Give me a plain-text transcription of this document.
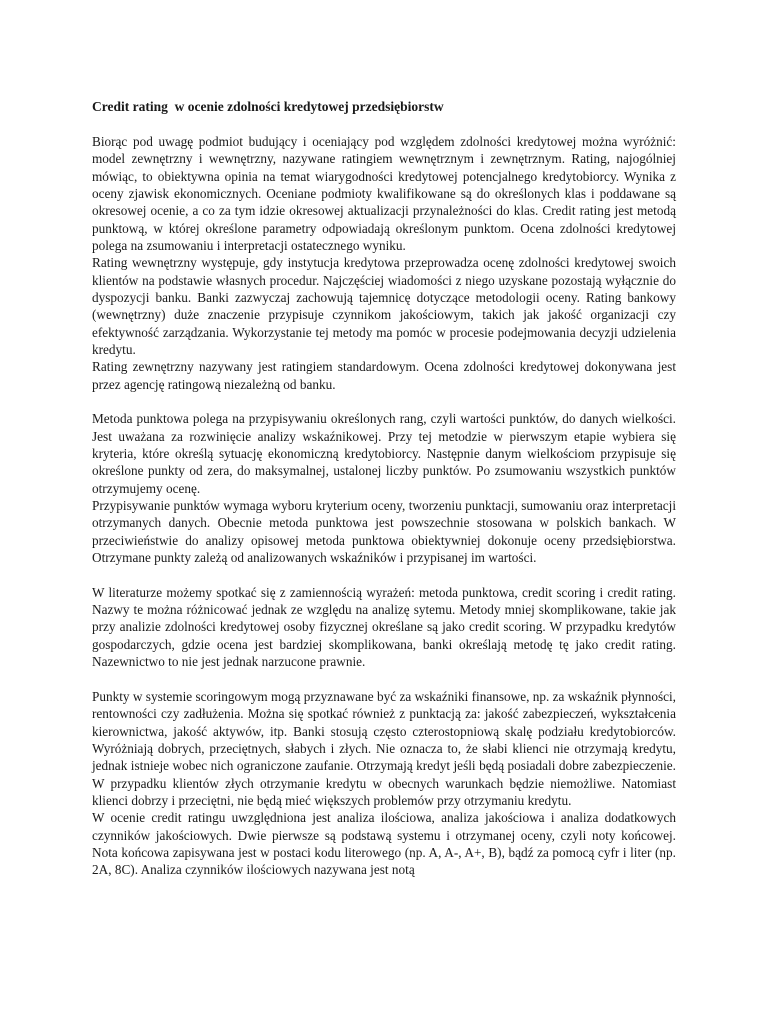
Credit rating  w ocenie zdolności kredytowej przedsiębiorstw

Biorąc pod uwagę podmiot budujący i oceniający pod względem zdolności kredytowej można wyróżnić: model zewnętrzny i wewnętrzny, nazywane ratingiem wewnętrznym i zewnętrznym. Rating, najogólniej mówiąc, to obiektywna opinia na temat wiarygodności kredytowej potencjalnego kredytobiorcy. Wynika z oceny zjawisk ekonomicznych. Oceniane podmioty kwalifikowane są do określonych klas i poddawane są okresowej ocenie, a co za tym idzie okresowej aktualizacji przynależności do klas. Credit rating jest metodą punktową, w której określone parametry odpowiadają określonym punktom. Ocena zdolności kredytowej polega na zsumowaniu i interpretacji ostatecznego wyniku.

Rating wewnętrzny występuje, gdy instytucja kredytowa przeprowadza ocenę zdolności kredytowej swoich klientów na podstawie własnych procedur. Najczęściej wiadomości z niego uzyskane pozostają wyłącznie do dyspozycji banku. Banki zazwyczaj zachowują tajemnicę dotyczące metodologii oceny. Rating bankowy (wewnętrzny) duże znaczenie przypisuje czynnikom jakościowym, takich jak jakość organizacji czy efektywność zarządzania. Wykorzystanie tej metody ma pomóc w procesie podejmowania decyzji udzielenia kredytu.

Rating zewnętrzny nazywany jest ratingiem standardowym. Ocena zdolności kredytowej dokonywana jest przez agencję ratingową niezależną od banku.

Metoda punktowa polega na przypisywaniu określonych rang, czyli wartości punktów, do danych wielkości. Jest uważana za rozwinięcie analizy wskaźnikowej. Przy tej metodzie w pierwszym etapie wybiera się kryteria, które określą sytuację ekonomiczną kredytobiorcy. Następnie danym wielkościom przypisuje się określone punkty od zera, do maksymalnej, ustalonej liczby punktów. Po zsumowaniu wszystkich punktów otrzymujemy ocenę.

Przypisywanie punktów wymaga wyboru kryterium oceny, tworzeniu punktacji, sumowaniu oraz interpretacji otrzymanych danych. Obecnie metoda punktowa jest powszechnie stosowana w polskich bankach. W przeciwieństwie do analizy opisowej metoda punktowa obiektywniej dokonuje oceny przedsiębiorstwa. Otrzymane punkty zależą od analizowanych wskaźników i przypisanej im wartości.

W literaturze możemy spotkać się z zamiennością wyrażeń: metoda punktowa, credit scoring i credit rating. Nazwy te można różnicować jednak ze względu na analizę sytemu. Metody mniej skomplikowane, takie jak przy analizie zdolności kredytowej osoby fizycznej określane są jako credit scoring. W przypadku kredytów gospodarczych, gdzie ocena jest bardziej skomplikowana, banki określają metodę tę jako credit rating. Nazewnictwo to nie jest jednak narzucone prawnie.

Punkty w systemie scoringowym mogą przyznawane być za wskaźniki finansowe, np. za wskaźnik płynności, rentowności czy zadłużenia. Można się spotkać również z punktacją za: jakość zabezpieczeń, wykształcenia kierownictwa, jakość aktywów, itp. Banki stosują często czterostopniową skalę podziału kredytobiorców. Wyróżniają dobrych, przeciętnych, słabych i złych. Nie oznacza to, że słabi klienci nie otrzymają kredytu, jednak istnieje wobec nich ograniczone zaufanie. Otrzymają kredyt jeśli będą posiadali dobre zabezpieczenie. W przypadku klientów złych otrzymanie kredytu w obecnych warunkach będzie niemożliwe. Natomiast klienci dobrzy i przeciętni, nie będą mieć większych problemów przy otrzymaniu kredytu.

W ocenie credit ratingu uwzględniona jest analiza ilościowa, analiza jakościowa i analiza dodatkowych czynników jakościowych. Dwie pierwsze są podstawą systemu i otrzymanej oceny, czyli noty końcowej. Nota końcowa zapisywana jest w postaci kodu literowego (np. A, A-, A+, B), bądź za pomocą cyfr i liter (np. 2A, 8C). Analiza czynników ilościowych nazywana jest notą
